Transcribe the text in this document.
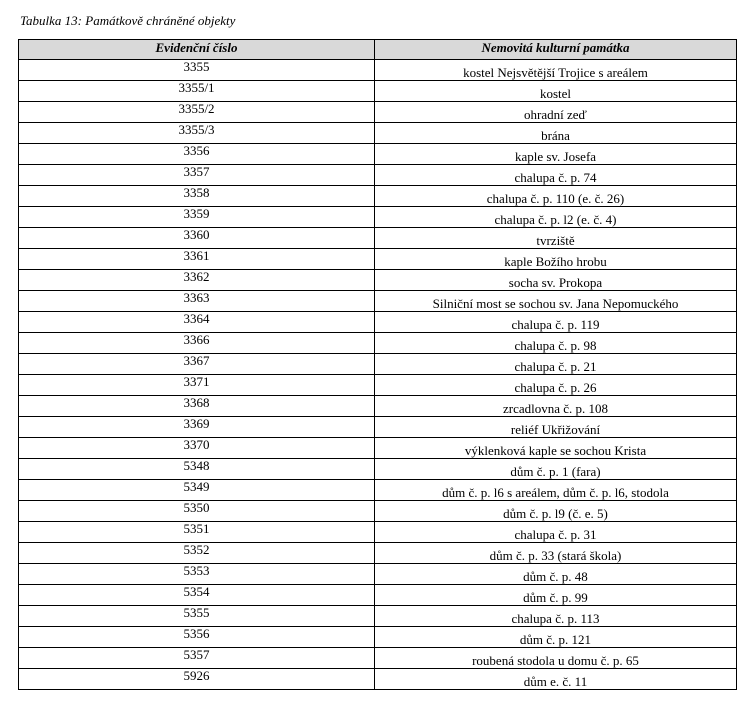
Tabulka 13: Památkově chráněné objekty
Evidenční číslo	Nemovitá kulturní památka
3355	kostel Nejsvětější Trojice s areálem
3355/1	kostel
3355/2	ohradní zeď
3355/3	brána
3356	kaple sv. Josefa
3357	chalupa č. p. 74
3358	chalupa č. p. 110 (e. č. 26)
3359	chalupa č. p. l2 (e. č. 4)
3360	tvrziště
3361	kaple Božího hrobu
3362	socha sv. Prokopa
3363	Silniční most se sochou sv. Jana Nepomuckého
3364	chalupa č. p. 119
3366	chalupa č. p. 98
3367	chalupa č. p. 21
3371	chalupa č. p. 26
3368	zrcadlovna č. p. 108
3369	reliéf Ukřižování
3370	výklenková kaple se sochou Krista
5348	dům č. p. 1 (fara)
5349	dům č. p. l6 s areálem, dům č. p. l6, stodola
5350	dům č. p. l9 (č. e. 5)
5351	chalupa č. p. 31
5352	dům č. p. 33 (stará škola)
5353	dům č. p. 48
5354	dům č. p. 99
5355	chalupa č. p. 113
5356	dům č. p. 121
5357	roubená stodola u domu č. p. 65
5926	dům e. č. 11
